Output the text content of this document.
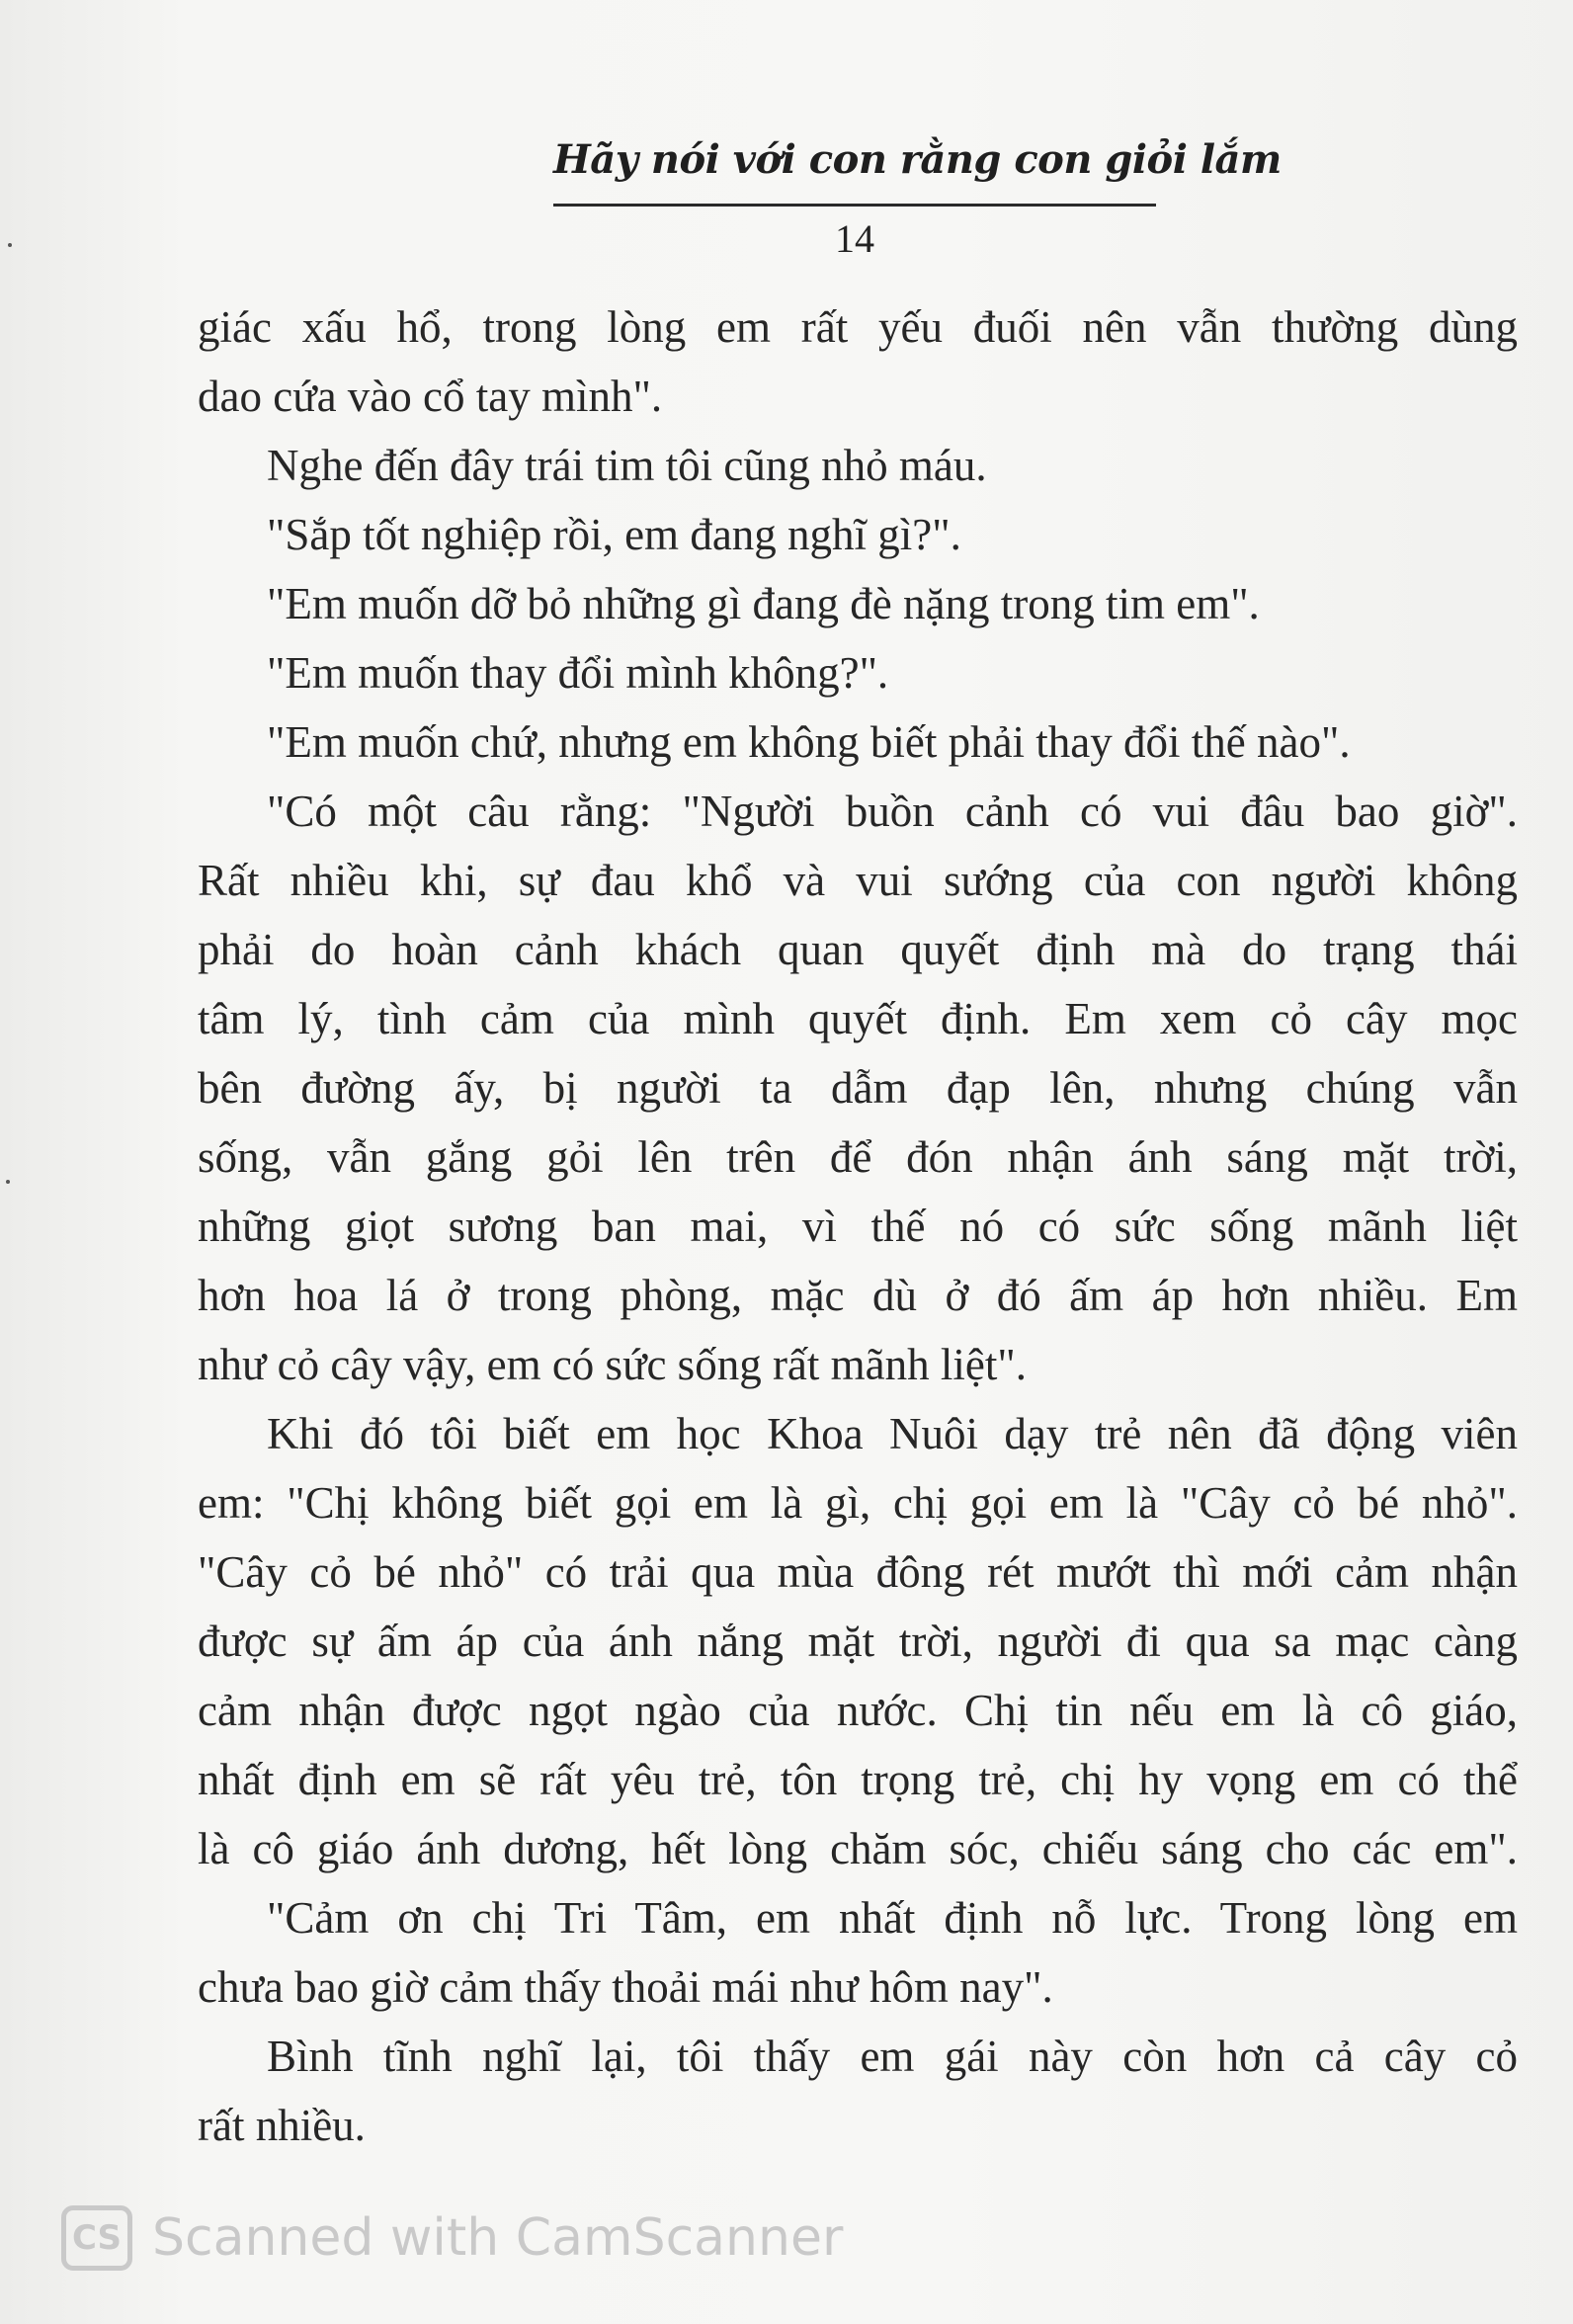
Hãy nói với con rằng con giỏi lắm
14
giác xấu hổ, trong lòng em rất yếu đuối nên vẫn thường dùng
dao cứa vào cổ tay mình".
Nghe đến đây trái tim tôi cũng nhỏ máu.
"Sắp tốt nghiệp rồi, em đang nghĩ gì?".
"Em muốn dỡ bỏ những gì đang đè nặng trong tim em".
"Em muốn thay đổi mình không?".
"Em muốn chứ, nhưng em không biết phải thay đổi thế nào".
"Có một câu rằng: "Người buồn cảnh có vui đâu bao giờ".
Rất nhiều khi, sự đau khổ và vui sướng của con người không
phải do hoàn cảnh khách quan quyết định mà do trạng thái
tâm lý, tình cảm của mình quyết định. Em xem cỏ cây mọc
bên đường ấy, bị người ta dẫm đạp lên, nhưng chúng vẫn
sống, vẫn gắng gỏi lên trên để đón nhận ánh sáng mặt trời,
những giọt sương ban mai, vì thế nó có sức sống mãnh liệt
hơn hoa lá ở trong phòng, mặc dù ở đó ấm áp hơn nhiều. Em
như cỏ cây vậy, em có sức sống rất mãnh liệt".
Khi đó tôi biết em học Khoa Nuôi dạy trẻ nên đã động viên
em: "Chị không biết gọi em là gì, chị gọi em là "Cây cỏ bé nhỏ".
"Cây cỏ bé nhỏ" có trải qua mùa đông rét mướt thì mới cảm nhận
được sự ấm áp của ánh nắng mặt trời, người đi qua sa mạc càng
cảm nhận được ngọt ngào của nước. Chị tin nếu em là cô giáo,
nhất định em sẽ rất yêu trẻ, tôn trọng trẻ, chị hy vọng em có thể
là cô giáo ánh dương, hết lòng chăm sóc, chiếu sáng cho các em".
"Cảm ơn chị Tri Tâm, em nhất định nỗ lực. Trong lòng em
chưa bao giờ cảm thấy thoải mái như hôm nay".
Bình tĩnh nghĩ lại, tôi thấy em gái này còn hơn cả cây cỏ
rất nhiều.
CS Scanned with CamScanner
